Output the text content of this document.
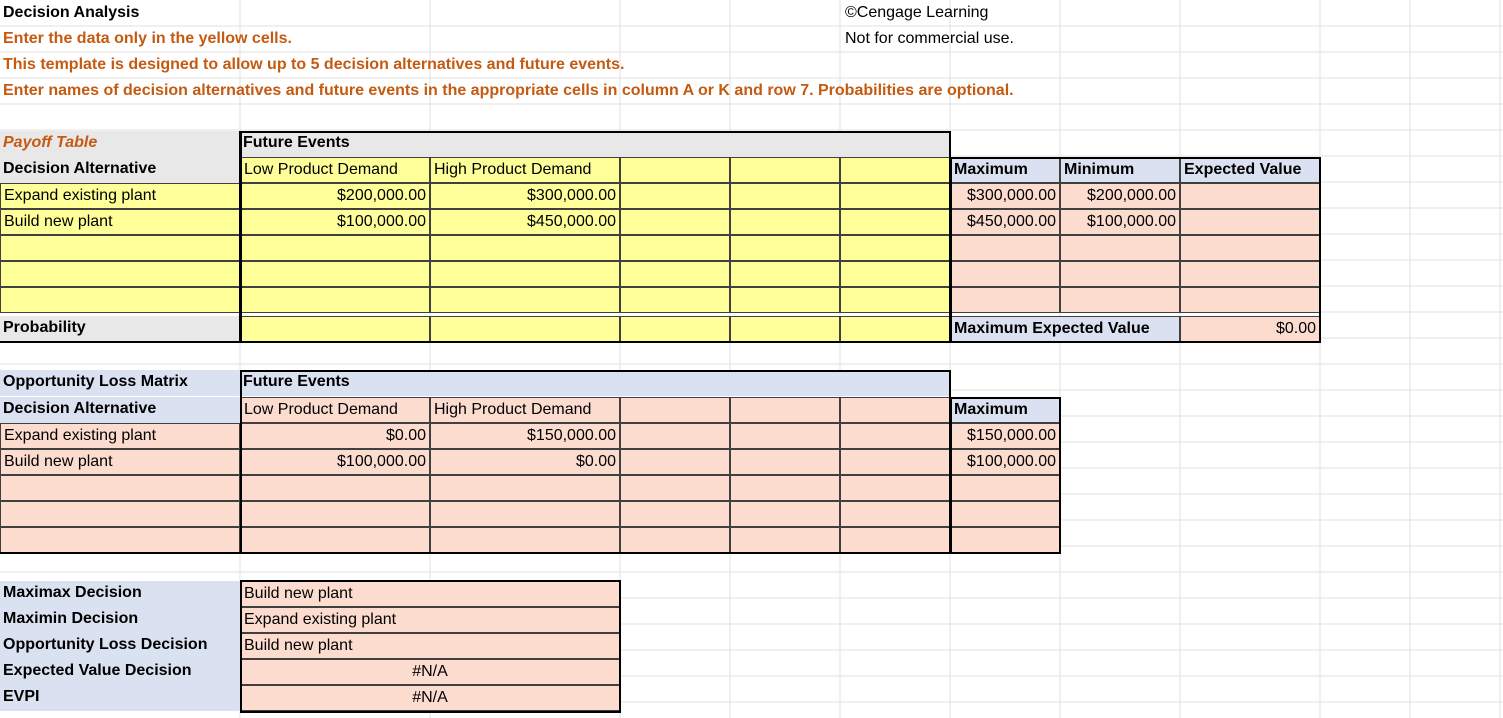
Decision Analysis	©Cengage Learning
Enter the data only in the yellow cells.	Not for commercial use.
This template is designed to allow up to 5 decision alternatives and future events.
Enter names of decision alternatives and future events in the appropriate cells in column A or K and row 7. Probabilities are optional.
Payoff Table	Future Events
Decision Alternative	Low Product Demand	High Product Demand	Maximum	Minimum	Expected Value
Expand existing plant	$200,000.00	$300,000.00	$300,000.00	$200,000.00
Build new plant	$100,000.00	$450,000.00	$450,000.00	$100,000.00
Probability	Maximum Expected Value	$0.00
Opportunity Loss Matrix	Future Events
Decision Alternative	Low Product Demand	High Product Demand	Maximum
Expand existing plant	$0.00	$150,000.00	$150,000.00
Build new plant	$100,000.00	$0.00	$100,000.00
Maximax Decision	Build new plant
Maximin Decision	Expand existing plant
Opportunity Loss Decision	Build new plant
Expected Value Decision	#N/A
EVPI	#N/A
